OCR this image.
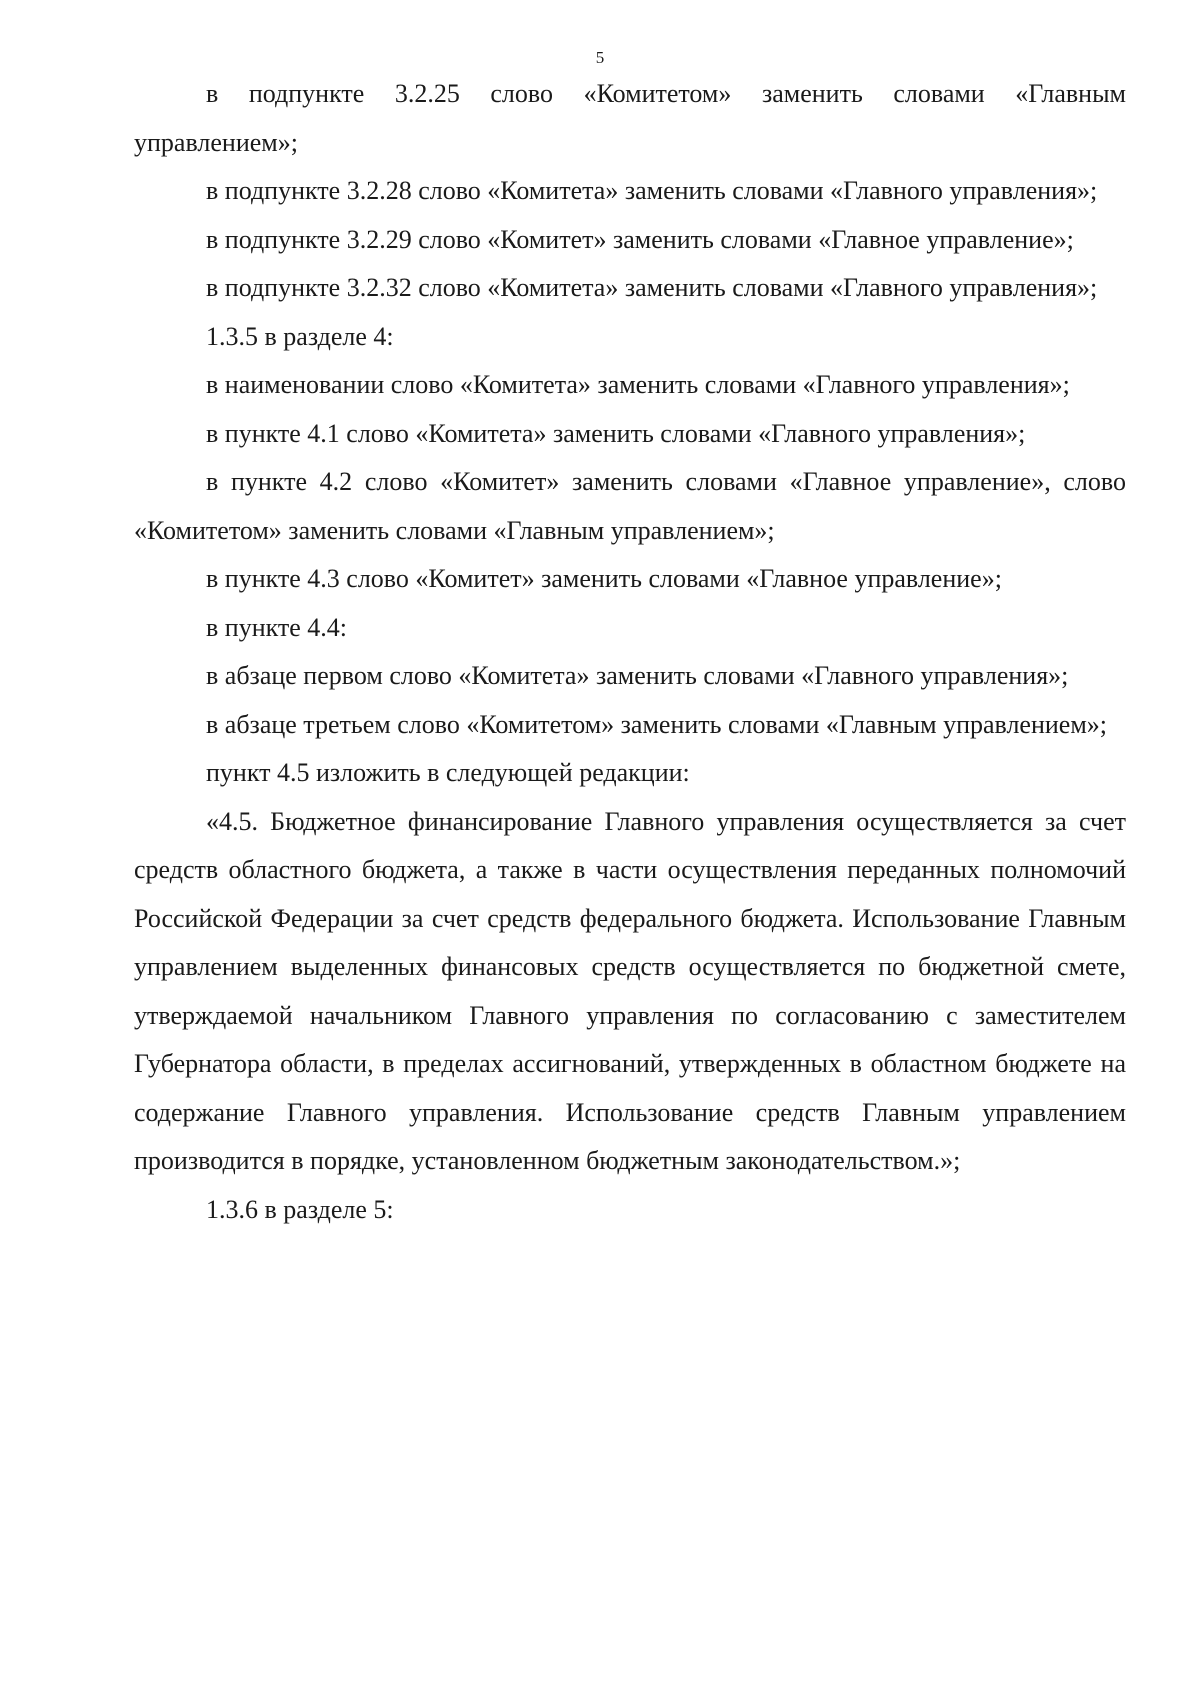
5

в подпункте 3.2.25 слово «Комитетом» заменить словами «Главным управлением»;

в подпункте 3.2.28 слово «Комитета» заменить словами «Главного управления»;

в подпункте 3.2.29 слово «Комитет» заменить словами «Главное управление»;

в подпункте 3.2.32 слово «Комитета» заменить словами «Главного управления»;

1.3.5 в разделе 4:

в наименовании слово «Комитета» заменить словами «Главного управления»;

в пункте 4.1 слово «Комитета» заменить словами «Главного управления»;

в пункте 4.2 слово «Комитет» заменить словами «Главное управление», слово «Комитетом» заменить словами «Главным управлением»;

в пункте 4.3 слово «Комитет» заменить словами «Главное управление»;

в пункте 4.4:

в абзаце первом слово «Комитета» заменить словами «Главного управления»;

в абзаце третьем слово «Комитетом» заменить словами «Главным управлением»;

пункт 4.5 изложить в следующей редакции:

«4.5. Бюджетное финансирование Главного управления осуществляется за счет средств областного бюджета, а также в части осуществления переданных полномочий Российской Федерации за счет средств федерального бюджета. Использование Главным управлением выделенных финансовых средств осуществляется по бюджетной смете, утверждаемой начальником Главного управления по согласованию с заместителем Губернатора области, в пределах ассигнований, утвержденных в областном бюджете на содержание Главного управления. Использование средств Главным управлением производится в порядке, установленном бюджетным законодательством.»;

1.3.6 в разделе 5:
